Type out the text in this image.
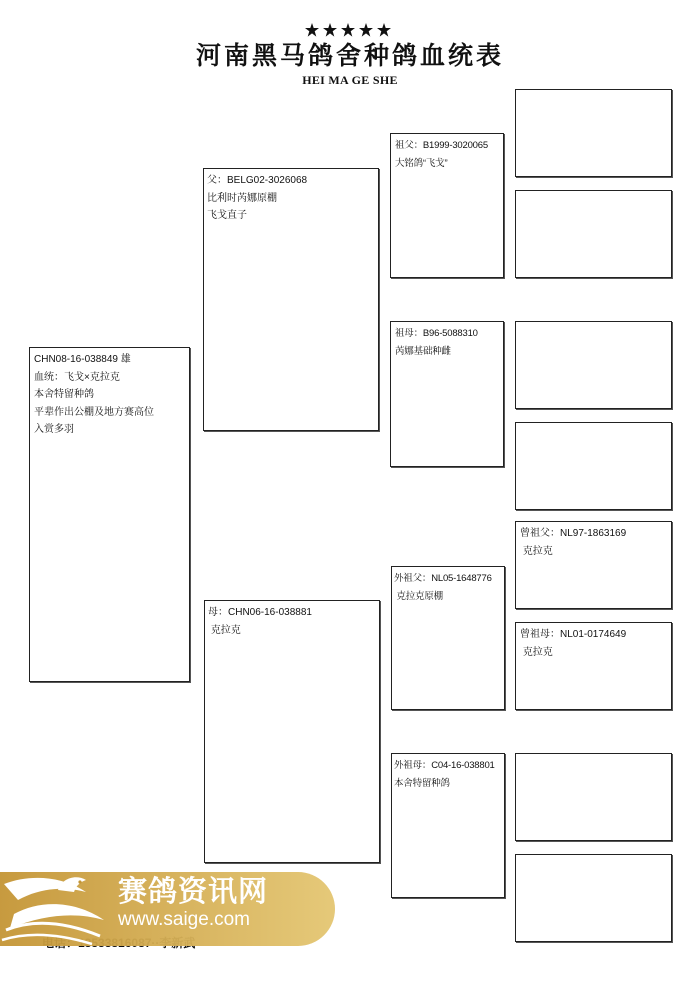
河南黑马鸽舍种鸽血统表
HEI MA GE SHE
CHN08-16-038849 雄
血统：飞戈×克拉克
本舍特留种鸽
平辈作出公棚及地方赛高位
入赏多羽
父：BELG02-3026068
比利时芮娜原棚
飞戈直子
母：CHN06-16-038881
克拉克
祖父：B1999-3020065
大铭鸽“飞戈”
祖母：B96-5088310
芮娜基础种雌
外祖父：NL05-1648776
克拉克原棚
外祖母：C04-16-038801
本舍特留种鸽
曾祖父：NL97-1863169
克拉克
曾祖母：NL01-0174649
克拉克
赛鸽资讯网
www.saige.com
